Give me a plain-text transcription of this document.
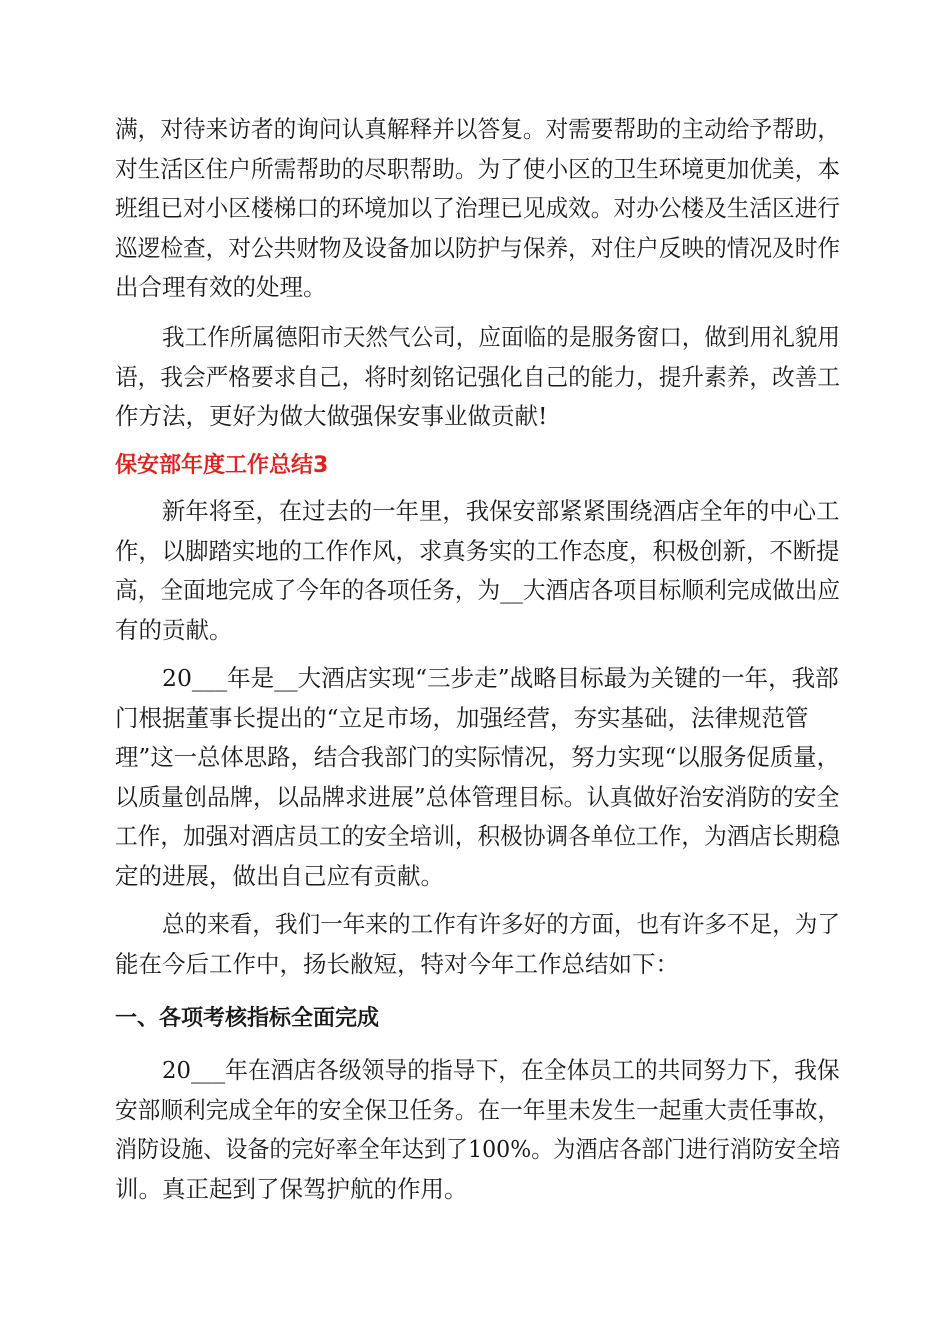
满，对待来访者的询问认真解释并以答复。对需要帮助的主动给予帮助，
对生活区住户所需帮助的尽职帮助。为了使小区的卫生环境更加优美，本
班组已对小区楼梯口的环境加以了治理已见成效。对办公楼及生活区进行
巡逻检查，对公共财物及设备加以防护与保养，对住户反映的情况及时作
出合理有效的处理。
我工作所属德阳市天然气公司，应面临的是服务窗口，做到用礼貌用
语，我会严格要求自己，将时刻铭记强化自己的能力，提升素养，改善工
作方法，更好为做大做强保安事业做贡献!
保安部年度工作总结3
新年将至，在过去的一年里，我保安部紧紧围绕酒店全年的中心工
作，以脚踏实地的工作作风，求真务实的工作态度，积极创新，不断提
高，全面地完成了今年的各项任务，为__大酒店各项目标顺利完成做出应
有的贡献。
20___年是__大酒店实现“三步走”战略目标最为关键的一年，我部
门根据董事长提出的“立足市场，加强经营，夯实基础，法律规范管
理”这一总体思路，结合我部门的实际情况，努力实现“以服务促质量，
以质量创品牌，以品牌求进展”总体管理目标。认真做好治安消防的安全
工作，加强对酒店员工的安全培训，积极协调各单位工作，为酒店长期稳
定的进展，做出自己应有贡献。
总的来看，我们一年来的工作有许多好的方面，也有许多不足，为了
能在今后工作中，扬长敝短，特对今年工作总结如下：
一、各项考核指标全面完成
20___年在酒店各级领导的指导下，在全体员工的共同努力下，我保
安部顺利完成全年的安全保卫任务。在一年里未发生一起重大责任事故，
消防设施、设备的完好率全年达到了100%。为酒店各部门进行消防安全培
训。真正起到了保驾护航的作用。
